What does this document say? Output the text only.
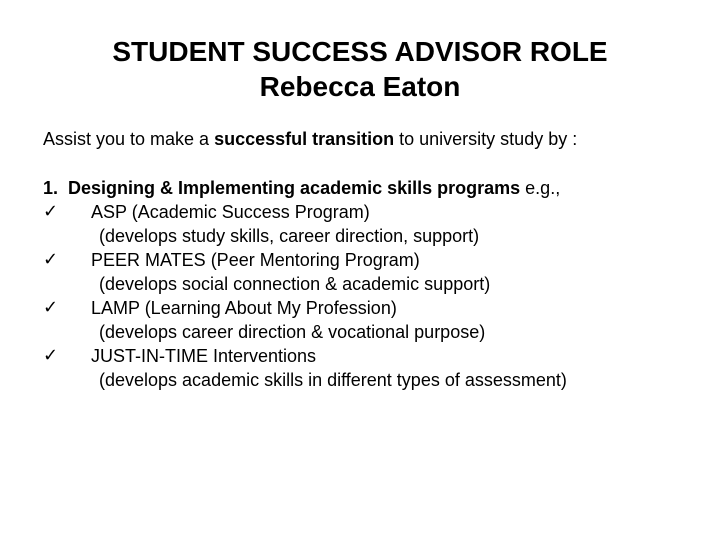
STUDENT SUCCESS ADVISOR ROLE
Rebecca Eaton
Assist you to make a successful transition to university study by :
1. Designing & Implementing academic skills programs e.g.,
✓ ASP (Academic Success Program)
(develops study skills, career direction, support)
✓ PEER MATES (Peer Mentoring Program)
(develops social connection & academic support)
✓ LAMP (Learning About My Profession)
(develops career direction & vocational purpose)
✓ JUST-IN-TIME Interventions
(develops academic skills in different types of assessment)
